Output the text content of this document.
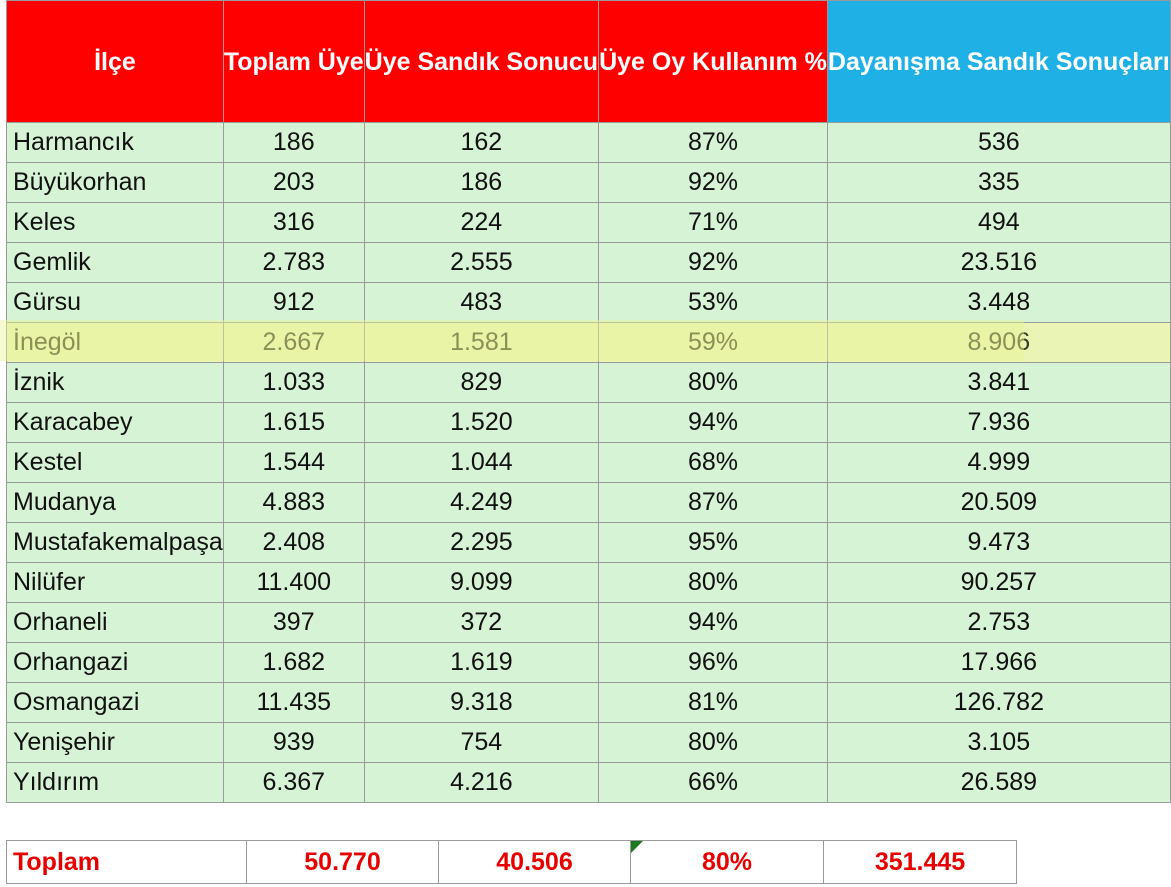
İlçe	Toplam Üye	Üye Sandık Sonucu	Üye Oy Kullanım %	Dayanışma Sandık Sonuçları
Harmancık	186	162	87%	536
Büyükorhan	203	186	92%	335
Keles	316	224	71%	494
Gemlik	2.783	2.555	92%	23.516
Gürsu	912	483	53%	3.448
İnegöl	2.667	1.581	59%	8.906
İznik	1.033	829	80%	3.841
Karacabey	1.615	1.520	94%	7.936
Kestel	1.544	1.044	68%	4.999
Mudanya	4.883	4.249	87%	20.509
Mustafakemalpaşa	2.408	2.295	95%	9.473
Nilüfer	11.400	9.099	80%	90.257
Orhaneli	397	372	94%	2.753
Orhangazi	1.682	1.619	96%	17.966
Osmangazi	11.435	9.318	81%	126.782
Yenişehir	939	754	80%	3.105
Yıldırım	6.367	4.216	66%	26.589
Toplam	50.770	40.506	80%	351.445
